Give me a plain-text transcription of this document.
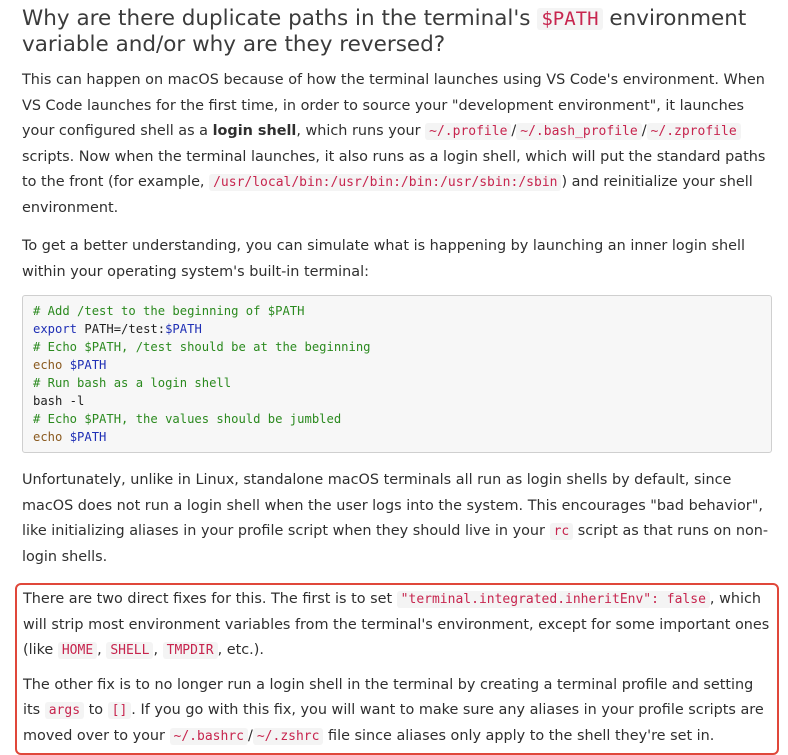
Why are there duplicate paths in the terminal's $PATH environment variable and/or why are they reversed?

This can happen on macOS because of how the terminal launches using VS Code's environment. When VS Code launches for the first time, in order to source your "development environment", it launches your configured shell as a login shell, which runs your ~/.profile / ~/.bash_profile / ~/.zprofile scripts. Now when the terminal launches, it also runs as a login shell, which will put the standard paths to the front (for example, /usr/local/bin:/usr/bin:/bin:/usr/sbin:/sbin ) and reinitialize your shell environment.

To get a better understanding, you can simulate what is happening by launching an inner login shell within your operating system's built-in terminal:

# Add /test to the beginning of $PATH
export PATH=/test:$PATH
# Echo $PATH, /test should be at the beginning
echo $PATH
# Run bash as a login shell
bash -l
# Echo $PATH, the values should be jumbled
echo $PATH

Unfortunately, unlike in Linux, standalone macOS terminals all run as login shells by default, since macOS does not run a login shell when the user logs into the system. This encourages "bad behavior", like initializing aliases in your profile script when they should live in your rc script as that runs on non-login shells.

There are two direct fixes for this. The first is to set "terminal.integrated.inheritEnv": false , which will strip most environment variables from the terminal's environment, except for some important ones (like HOME , SHELL , TMPDIR , etc.).

The other fix is to no longer run a login shell in the terminal by creating a terminal profile and setting its args to [] . If you go with this fix, you will want to make sure any aliases in your profile scripts are moved over to your ~/.bashrc / ~/.zshrc file since aliases only apply to the shell they're set in.
